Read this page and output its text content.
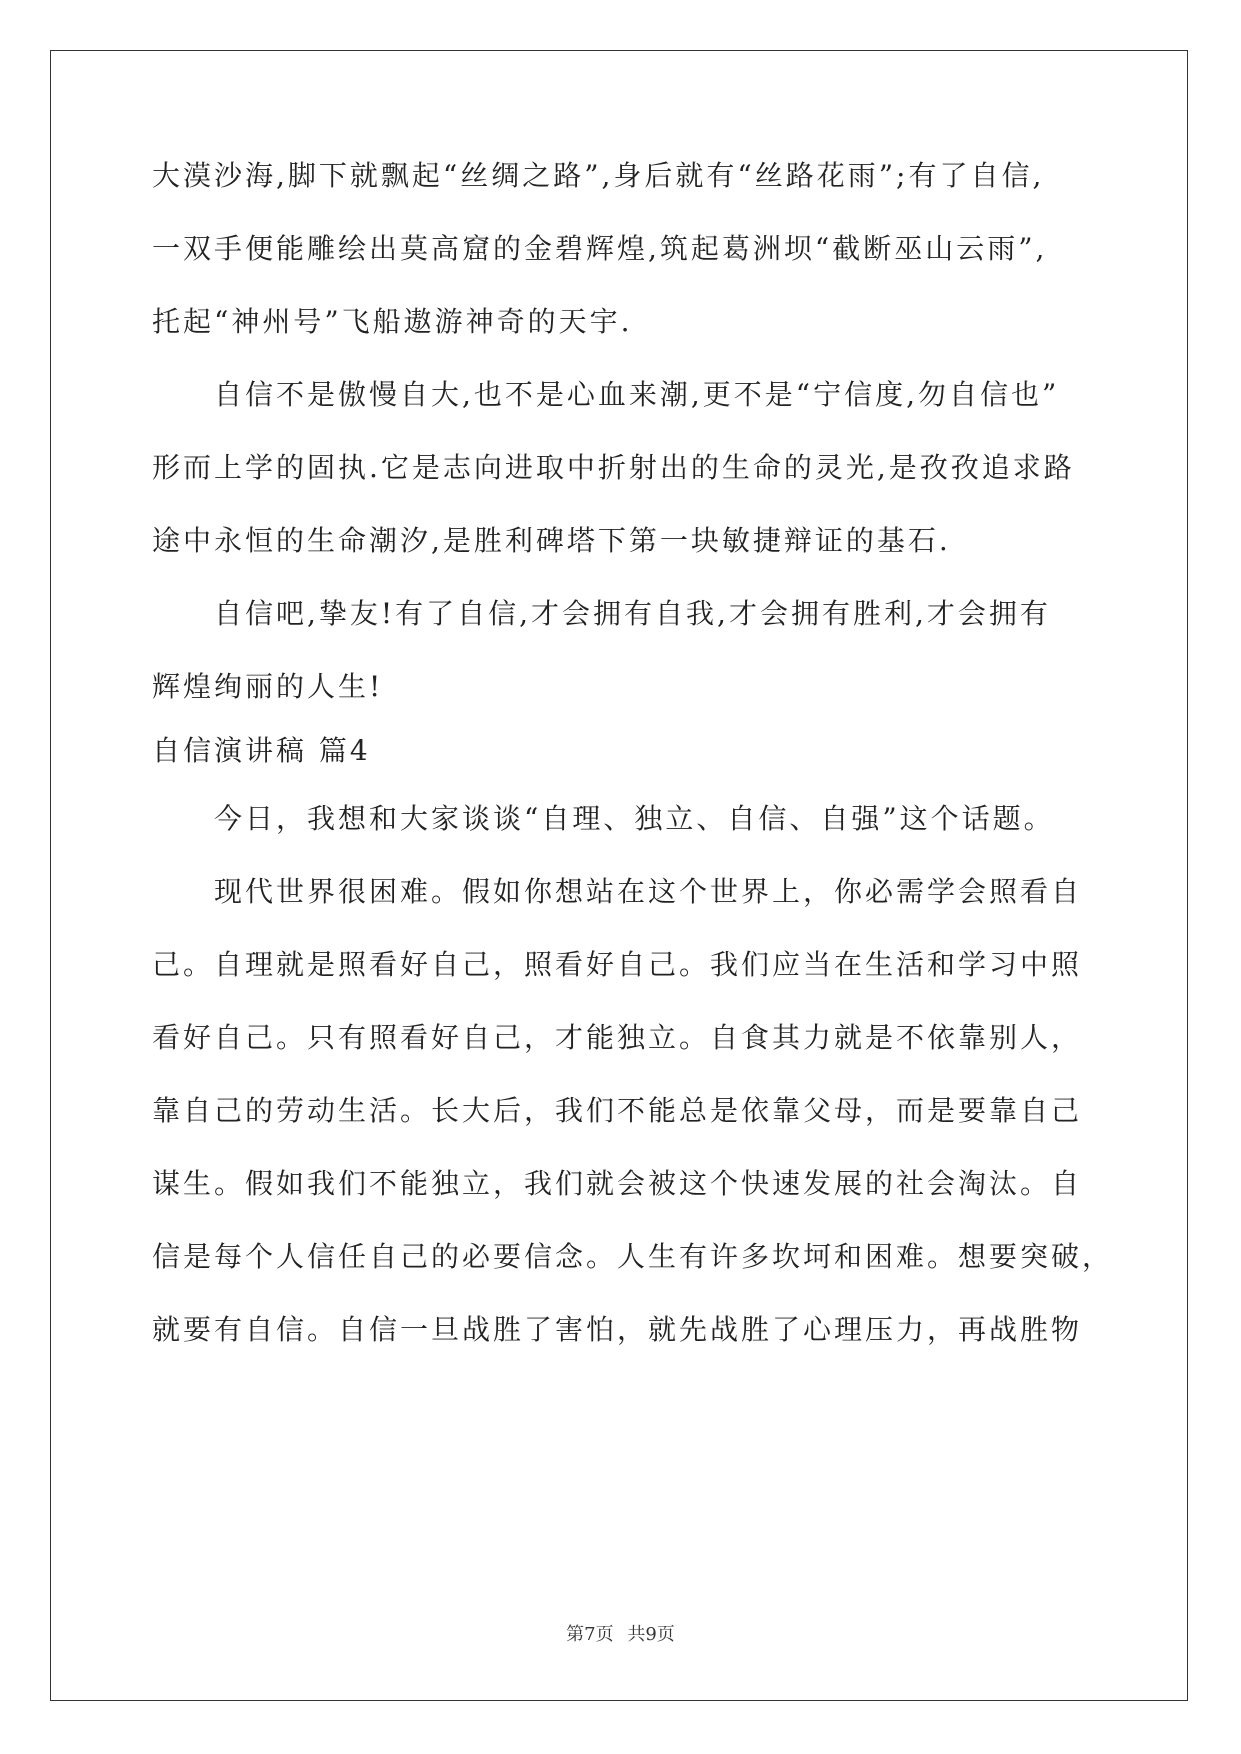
大漠沙海,脚下就飘起“丝绸之路”,身后就有“丝路花雨”;有了自信,
一双手便能雕绘出莫高窟的金碧辉煌,筑起葛洲坝“截断巫山云雨”,
托起“神州号”飞船遨游神奇的天宇.
自信不是傲慢自大,也不是心血来潮,更不是“宁信度,勿自信也”
形而上学的固执.它是志向进取中折射出的生命的灵光,是孜孜追求路
途中永恒的生命潮汐,是胜利碑塔下第一块敏捷辩证的基石.
自信吧,挚友!有了自信,才会拥有自我,才会拥有胜利,才会拥有
辉煌绚丽的人生!
自信演讲稿 篇4
今日，我想和大家谈谈“自理、独立、自信、自强”这个话题。
现代世界很困难。假如你想站在这个世界上，你必需学会照看自
己。自理就是照看好自己，照看好自己。我们应当在生活和学习中照
看好自己。只有照看好自己，才能独立。自食其力就是不依靠别人，
靠自己的劳动生活。长大后，我们不能总是依靠父母，而是要靠自己
谋生。假如我们不能独立，我们就会被这个快速发展的社会淘汰。自
信是每个人信任自己的必要信念。人生有许多坎坷和困难。想要突破，
就要有自信。自信一旦战胜了害怕，就先战胜了心理压力，再战胜物
第7页 共9页
